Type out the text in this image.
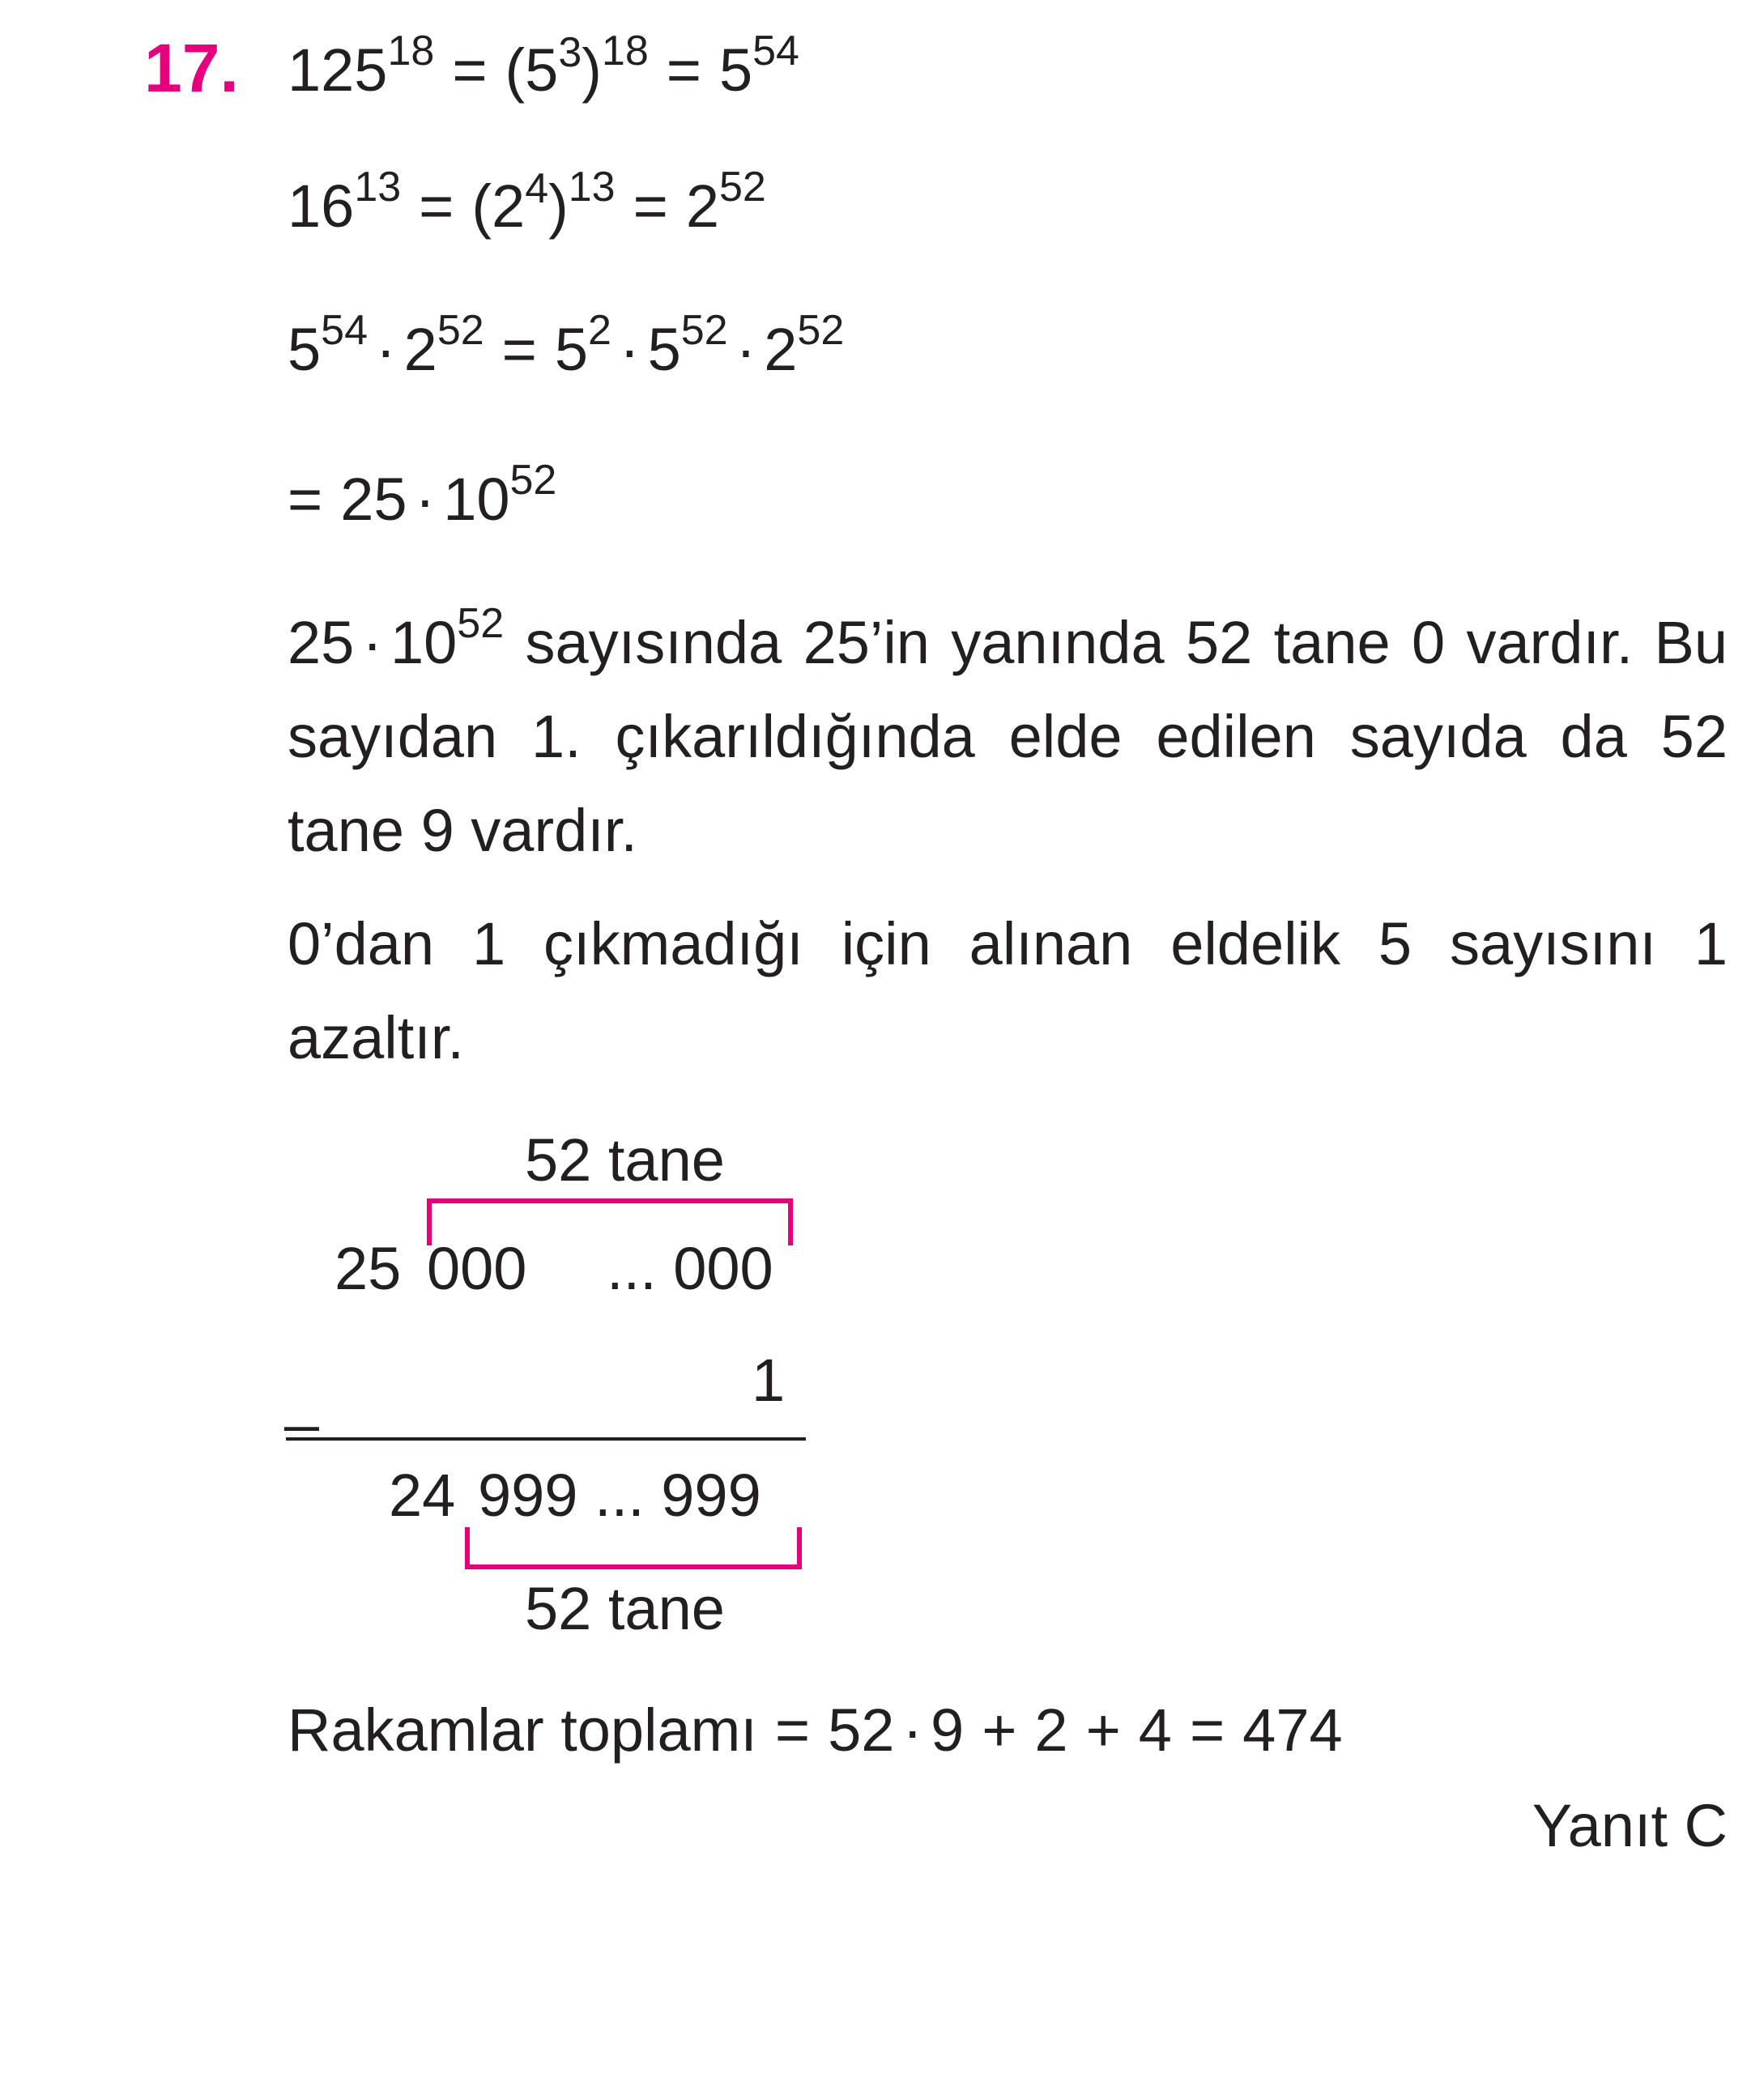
17. $125^{18} = (5^3)^{18} = 5^{54}$
$16^{13} = (2^4)^{13} = 2^{52}$
$5^{54} \cdot 2^{52} = 5^2 \cdot 5^{52} \cdot 2^{52}$
= $25 \cdot 10^{52}$
$25 \cdot 10^{52}$ sayısında 25’in yanında 52 tane 0 vardır. Bu sayıdan 1. çıkarıldığında elde edilen sayıda da 52 tane 9 vardır.
0’dan 1 çıkmadığı için alınan eldelik 5 sayısını 1 azaltır.
52 tane
25 000 ... 000
_	1
24 999 ... 999
52 tane
Rakamlar toplamı = 52 · 9 + 2 + 4 = 474
Yanıt C
